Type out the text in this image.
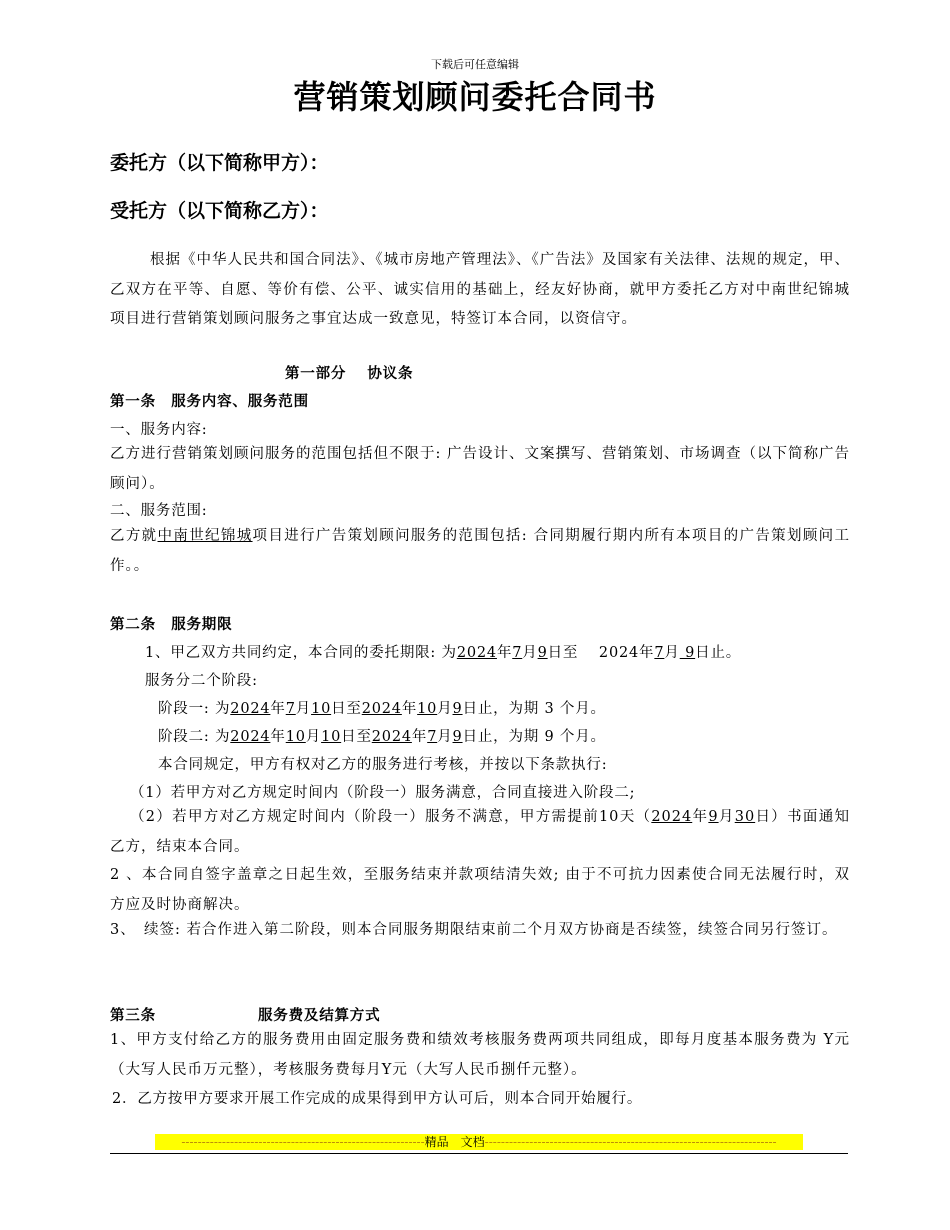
下载后可任意编辑
营销策划顾问委托合同书
委托方（以下简称甲方）：
受托方（以下简称乙方）：
根据《中华人民共和国合同法》、《城市房地产管理法》、《广告法》及国家有关法律、法规的规定，甲、乙双方在平等、自愿、等价有偿、公平、诚实信用的基础上，经友好协商，就甲方委托乙方对中南世纪锦城项目进行营销策划顾问服务之事宜达成一致意见，特签订本合同，以资信守。
第一部分　 协议条
第一条　服务内容、服务范围
一、服务内容:
乙方进行营销策划顾问服务的范围包括但不限于: 广告设计、文案撰写、营销策划、市场调查（以下简称广告顾问）。
二、服务范围:
乙方就中南世纪锦城项目进行广告策划顾问服务的范围包括: 合同期履行期内所有本项目的广告策划顾问工作。。
第二条　服务期限
1、甲乙双方共同约定，本合同的委托期限: 为2024年7月9日至　 2024年7月 9日止。
服务分二个阶段:
阶段一: 为2024年7月10日至2024年10月9日止，为期 3 个月。
阶段二: 为2024年10月10日至2024年7月9日止，为期 9 个月。
本合同规定，甲方有权对乙方的服务进行考核，并按以下条款执行:
（1）若甲方对乙方规定时间内（阶段一）服务满意，合同直接进入阶段二;
（2）若甲方对乙方规定时间内（阶段一）服务不满意，甲方需提前10天（2024年9月30日）书面通知乙方，结束本合同。
2 、本合同自签字盖章之日起生效，至服务结束并款项结清失效; 由于不可抗力因素使合同无法履行时，双方应及时协商解决。
3、　续签: 若合作进入第二阶段，则本合同服务期限结束前二个月双方协商是否续签，续签合同另行签订。
第三条	服务费及结算方式
1、甲方支付给乙方的服务费用由固定服务费和绩效考核服务费两项共同组成，即每月度基本服务费为 Y元（大写人民币万元整），考核服务费每月Y元（大写人民币捌仟元整）。
2．乙方按甲方要求开展工作完成的成果得到甲方认可后，则本合同开始履行。
------------------------------------------------------------精品　文档------------------------------------------------------------------------
